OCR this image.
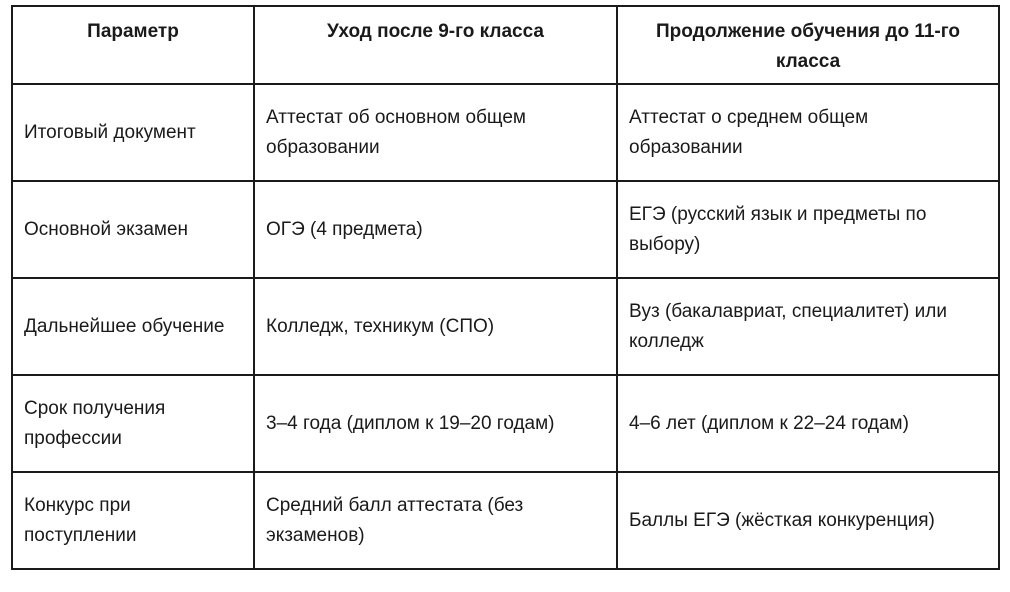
Параметр	Уход после 9-го класса	Продолжение обучения до 11-го класса
Итоговый документ	Аттестат об основном общем образовании	Аттестат о среднем общем образовании
Основной экзамен	ОГЭ (4 предмета)	ЕГЭ (русский язык и предметы по выбору)
Дальнейшее обучение	Колледж, техникум (СПО)	Вуз (бакалавриат, специалитет) или колледж
Срок получения профессии	3–4 года (диплом к 19–20 годам)	4–6 лет (диплом к 22–24 годам)
Конкурс при поступлении	Средний балл аттестата (без экзаменов)	Баллы ЕГЭ (жёсткая конкуренция)
